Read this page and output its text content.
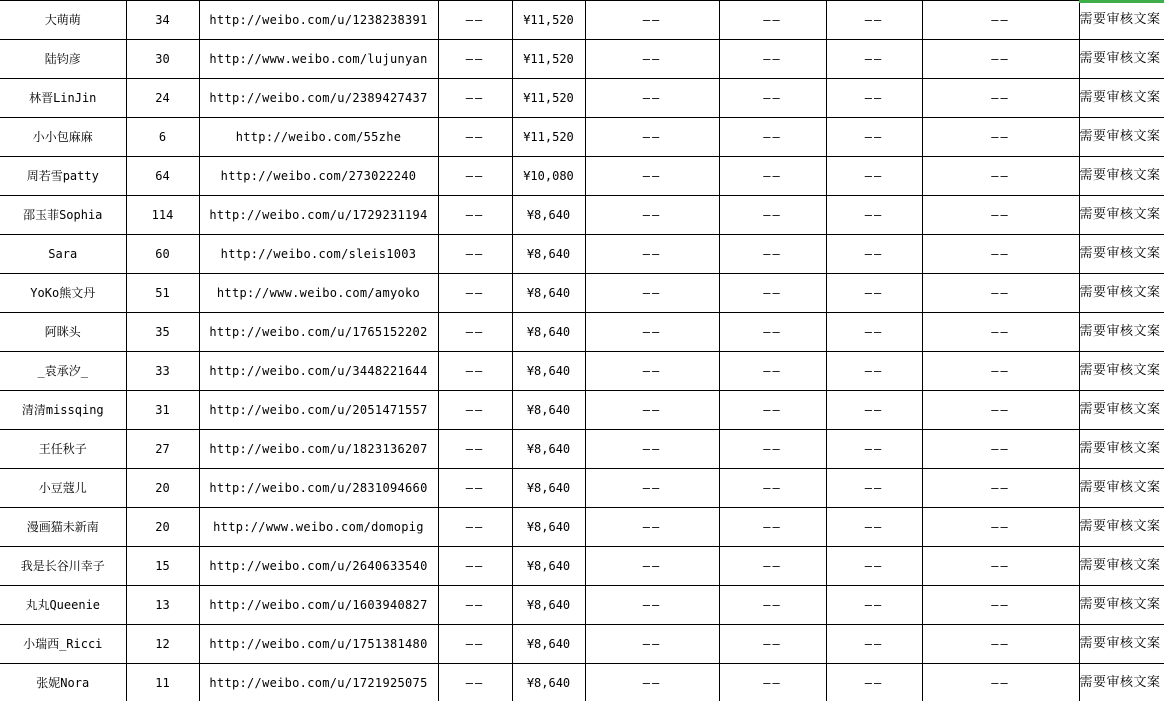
大萌萌	34	http://weibo.com/u/1238238391	——	¥11,520	——	——	——	——	需要审核文案
陆钧彦	30	http://www.weibo.com/lujunyan	——	¥11,520	——	——	——	——	需要审核文案
林晋LinJin	24	http://weibo.com/u/2389427437	——	¥11,520	——	——	——	——	需要审核文案
小小包麻麻	6	http://weibo.com/55zhe	——	¥11,520	——	——	——	——	需要审核文案
周若雪patty	64	http://weibo.com/273022240	——	¥10,080	——	——	——	——	需要审核文案
邵玉菲Sophia	114	http://weibo.com/u/1729231194	——	¥8,640	——	——	——	——	需要审核文案
Sara	60	http://weibo.com/sleis1003	——	¥8,640	——	——	——	——	需要审核文案
YoKo熊文丹	51	http://www.weibo.com/amyoko	——	¥8,640	——	——	——	——	需要审核文案
阿眯头	35	http://weibo.com/u/1765152202	——	¥8,640	——	——	——	——	需要审核文案
_袁承汐_	33	http://weibo.com/u/3448221644	——	¥8,640	——	——	——	——	需要审核文案
清清missqing	31	http://weibo.com/u/2051471557	——	¥8,640	——	——	——	——	需要审核文案
王任秋子	27	http://weibo.com/u/1823136207	——	¥8,640	——	——	——	——	需要审核文案
小豆蔻儿	20	http://weibo.com/u/2831094660	——	¥8,640	——	——	——	——	需要审核文案
漫画猫未新南	20	http://www.weibo.com/domopig	——	¥8,640	——	——	——	——	需要审核文案
我是长谷川幸子	15	http://weibo.com/u/2640633540	——	¥8,640	——	——	——	——	需要审核文案
丸丸Queenie	13	http://weibo.com/u/1603940827	——	¥8,640	——	——	——	——	需要审核文案
小瑞西_Ricci	12	http://weibo.com/u/1751381480	——	¥8,640	——	——	——	——	需要审核文案
张妮Nora	11	http://weibo.com/u/1721925075	——	¥8,640	——	——	——	——	需要审核文案
